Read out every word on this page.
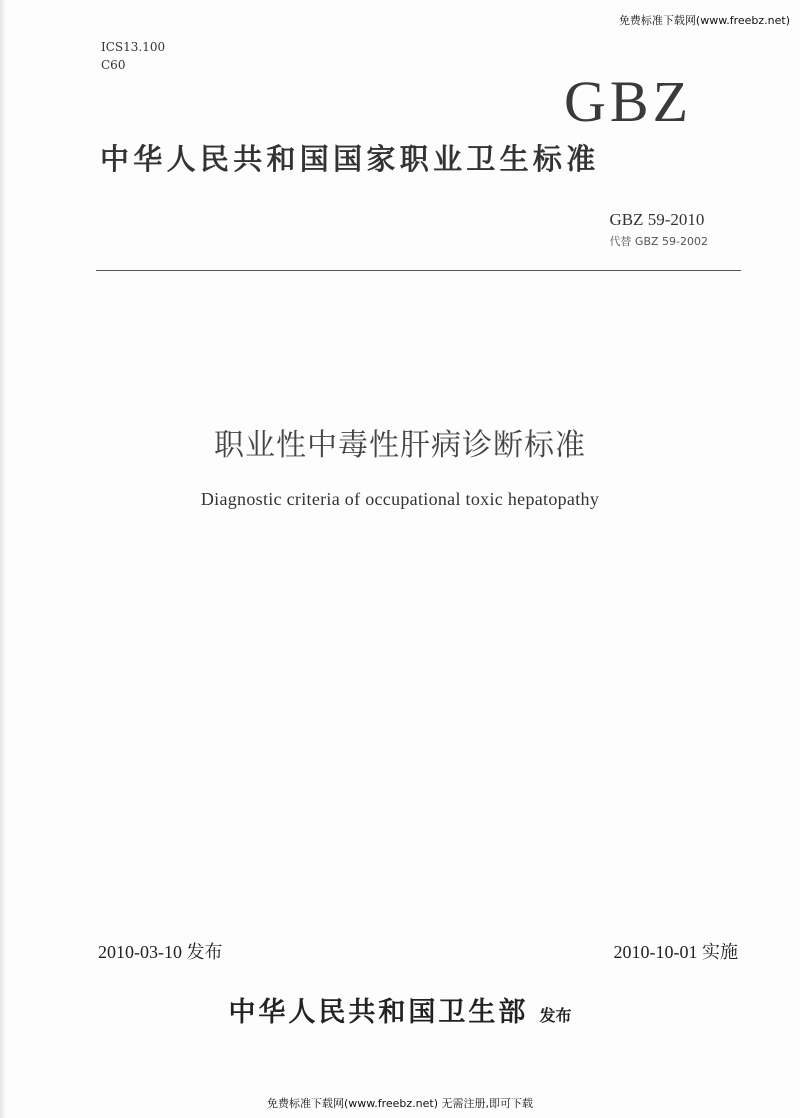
免费标准下载网(www.freebz.net)
ICS13.100
C60
GBZ
中华人民共和国国家职业卫生标准
GBZ 59-2010
代替 GBZ 59-2002
职业性中毒性肝病诊断标准
Diagnostic criteria of occupational toxic hepatopathy
2010-03-10 发布	2010-10-01 实施
中华人民共和国卫生部 发布
免费标准下载网(www.freebz.net) 无需注册,即可下载
